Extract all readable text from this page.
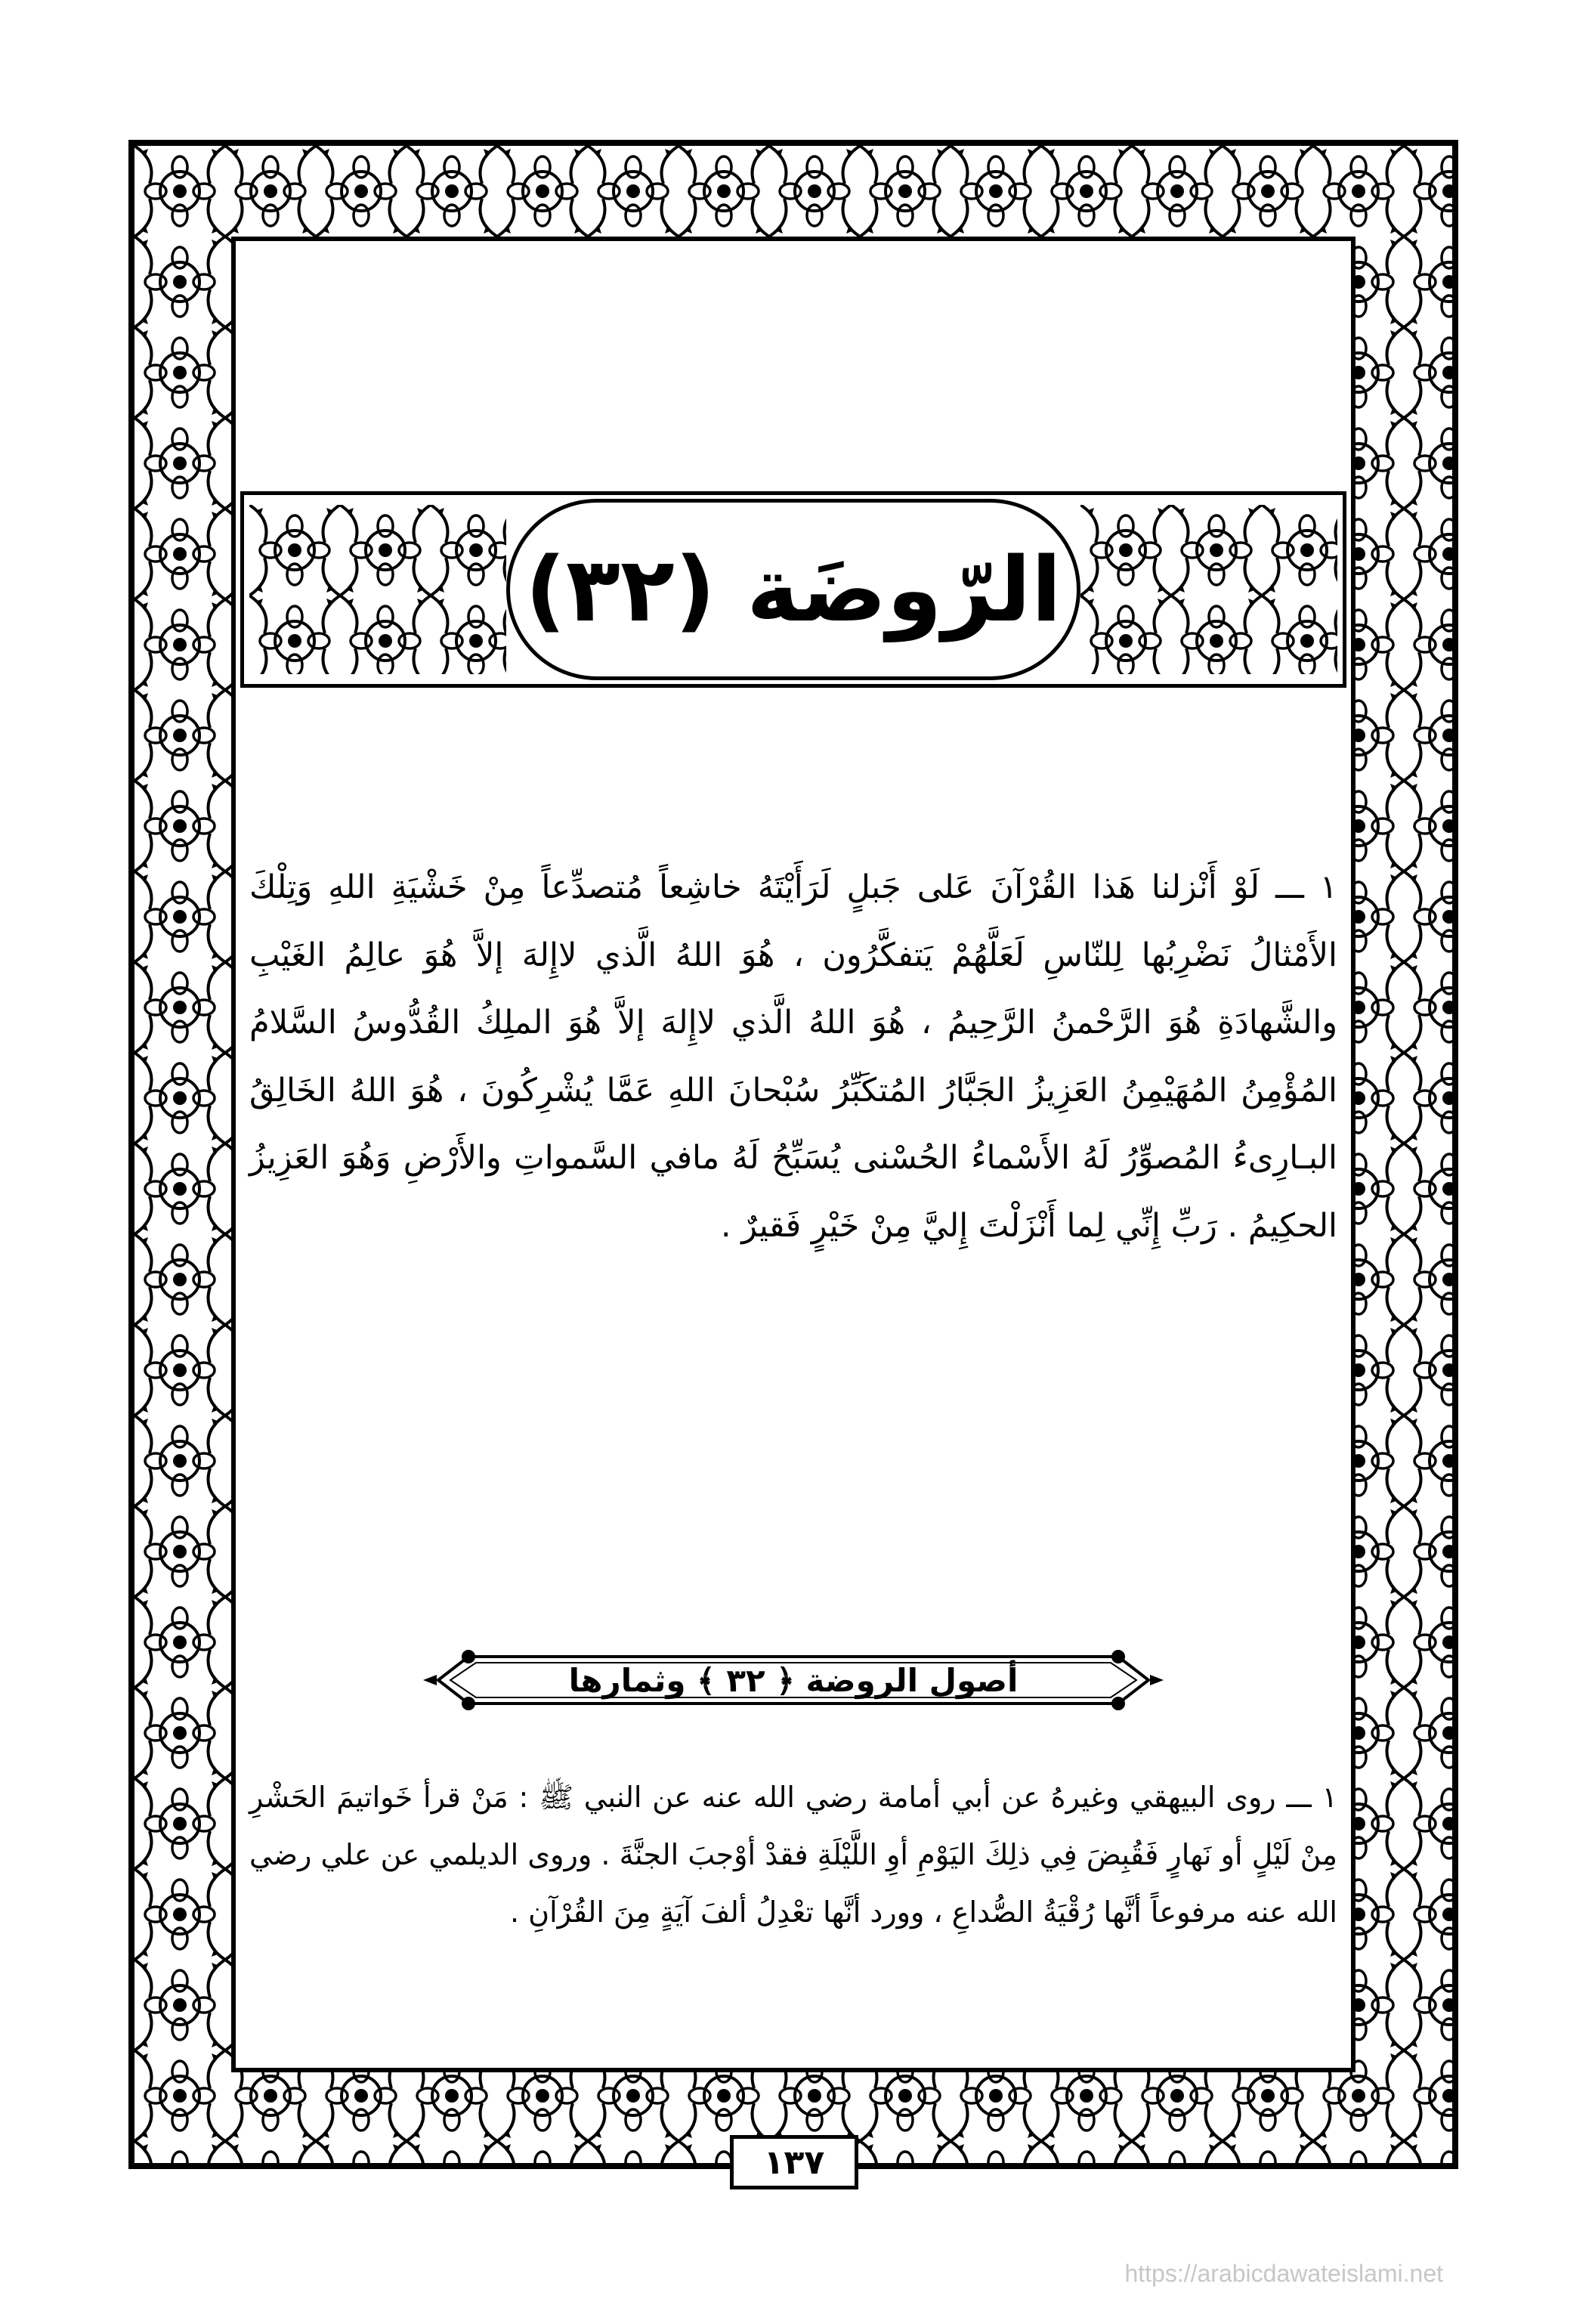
الرّوضَة (٣٢)
١ ـــ لَوْ أَنْزلنا هَذا القُرْآنَ عَلى جَبلٍ لَرَأَيْتَهُ خاشِعاً مُتصدِّعاً مِنْ خَشْيَةِ اللهِ وَتِلْكَ الأَمْثالُ نَضْرِبُها لِلنّاسِ لَعَلَّهُمْ يَتفكَّرُون ، هُوَ اللهُ الَّذي لاإِلهَ إلاَّ هُوَ عالِمُ الغَيْبِ والشَّهادَةِ هُوَ الرَّحْمنُ الرَّحِيمُ ، هُوَ اللهُ الَّذي لاإِلهَ إلاَّ هُوَ الملِكُ القُدُّوسُ السَّلامُ المُؤْمِنُ المُهَيْمِنُ العَزِيزُ الجَبَّارُ المُتكَبِّرُ سُبْحانَ اللهِ عَمَّا يُشْرِكُونَ ، هُوَ اللهُ الخَالِقُ البـارِىءُ المُصوِّرُ لَهُ الأَسْماءُ الحُسْنى يُسَبِّحُ لَهُ مافي السَّمواتِ والأَرْضِ وَهُوَ العَزِيزُ الحكِيمُ . رَبِّ إِنِّي لِما أَنْزَلْتَ إِليَّ مِنْ خَيْرٍ فَقيرٌ .
أصول الروضة ﴿ ٣٢ ﴾ وثمارها
١ ـــ روى البيهقي وغيرهُ عن أبي أمامة رضي الله عنه عن النبي ﷺ : مَنْ قرأ خَواتيمَ الحَشْرِ مِنْ لَيْلٍ أو نَهارٍ فَقُبِضَ فِي ذلِكَ اليَوْمِ أوِ اللَّيْلَةِ فقدْ أوْجبَ الجنَّةَ . وروى الديلمي عن علي رضي الله عنه مرفوعاً أنَّها رُقْيَةُ الصُّداعِ ، وورد أنَّها تعْدِلُ ألفَ آيَةٍ مِنَ القُرْآنِ .
١٣٧
https://arabicdawateislami.net
